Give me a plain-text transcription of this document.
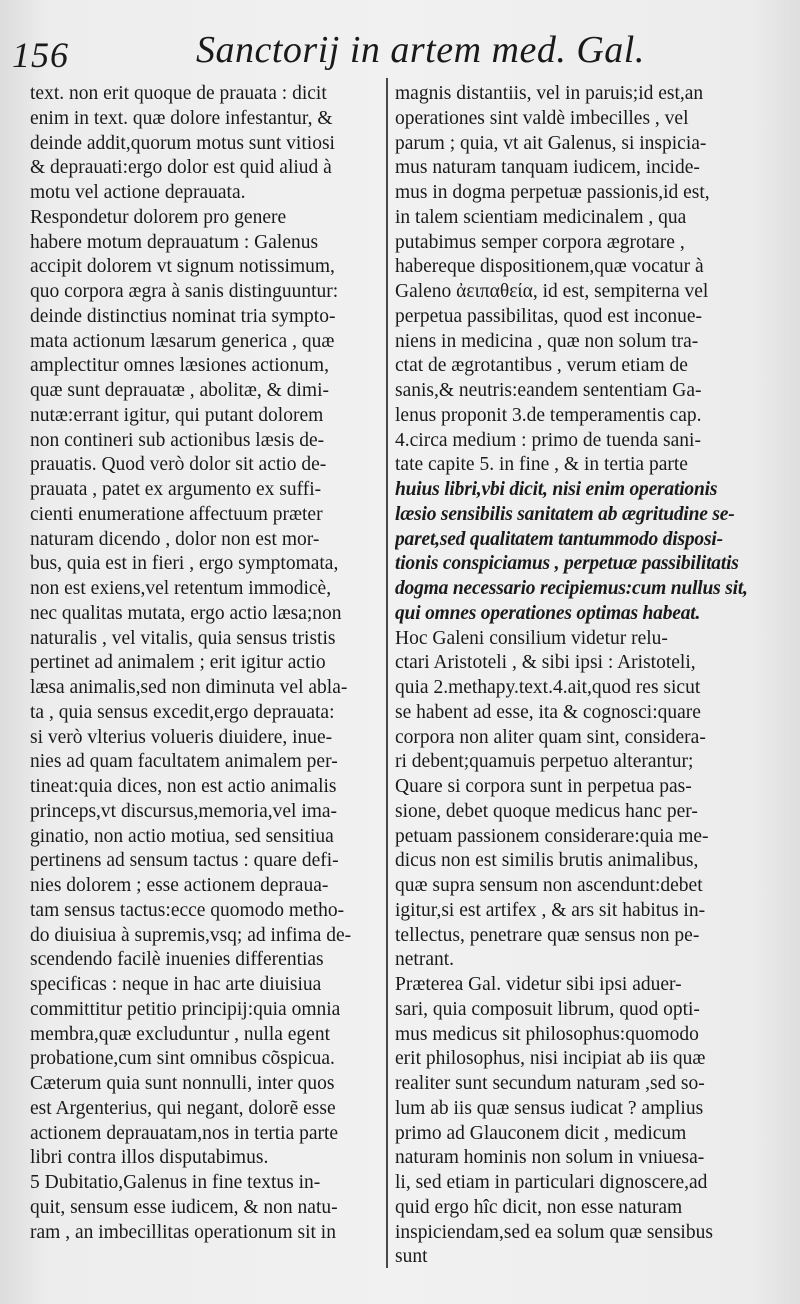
156	Sanctorij in artem med. Gal.
text. non erit quoque de prauata : dicit
enim in text. quæ dolore infestantur, &
deinde addit,quorum motus sunt vitiosi
& deprauati:ergo dolor est quid aliud à
motu vel actione deprauata.
Respondetur dolorem pro genere
habere motum deprauatum : Galenus
accipit dolorem vt signum notissimum,
quo corpora ægra à sanis distinguuntur:
deinde distinctius nominat tria sympto-
mata actionum læsarum generica , quæ
amplectitur omnes læsiones actionum,
quæ sunt deprauatæ , abolitæ, & dimi-
nutæ:errant igitur, qui putant dolorem
non contineri sub actionibus læsis de-
prauatis. Quod verò dolor sit actio de-
prauata , patet ex argumento ex suffi-
cienti enumeratione affectuum præter
naturam dicendo , dolor non est mor-
bus, quia est in fieri , ergo symptomata,
non est exiens,vel retentum immodicè,
nec qualitas mutata, ergo actio læsa;non
naturalis , vel vitalis, quia sensus tristis
pertinet ad animalem ; erit igitur actio
læsa animalis,sed non diminuta vel abla-
ta , quia sensus excedit,ergo deprauata:
si verò vlterius volueris diuidere, inue-
nies ad quam facultatem animalem per-
tineat:quia dices, non est actio animalis
princeps,vt discursus,memoria,vel ima-
ginatio, non actio motiua, sed sensitiua
pertinens ad sensum tactus : quare defi-
nies dolorem ; esse actionem deprauа-
tam sensus tactus:ecce quomodo metho-
do diuisiua à supremis,vsq; ad infima de-
scendendo facilè inuenies differentias
specificas : neque in hac arte diuisiua
committitur petitio principij:quia omnia
membra,quæ excluduntur , nulla egent
probatione,cum sint omnibus cõspicua.
Cæterum quia sunt nonnulli, inter quos
est Argenterius, qui negant, dolorẽ esse
actionem deprauatam,nos in tertia parte
libri contra illos disputabimus.
5 Dubitatio,Galenus in fine textus in-
quit, sensum esse iudicem, & non natu-
ram , an imbecillitas operationum sit in
magnis distantiis, vel in paruis;id est,an
operationes sint valdè imbecilles , vel
parum ; quia, vt ait Galenus, si inspicia-
mus naturam tanquam iudicem, incide-
mus in dogma perpetuæ passionis,id est,
in talem scientiam medicinalem , qua
putabimus semper corpora ægrotare ,
habereque dispositionem,quæ vocatur à
Galeno ἀειπαθεία, id est, sempiterna vel
perpetua passibilitas, quod est inconue-
niens in medicina , quæ non solum tra-
ctat de ægrotantibus , verum etiam de
sanis,& neutris:eandem sententiam Ga-
lenus proponit 3.de temperamentis cap.
4.circa medium : primo de tuenda sani-
tate capite 5. in fine , & in tertia parte
huius libri,vbi dicit, nisi enim operationis
læsio sensibilis sanitatem ab ægritudine se-
paret,sed qualitatem tantummodo disposi-
tionis conspiciamus , perpetuæ passibilitatis
dogma necessario recipiemus:cum nullus sit,
qui omnes operationes optimas habeat.
Hoc Galeni consilium videtur relu-
ctari Aristoteli , & sibi ipsi : Aristoteli,
quia 2.methapy.text.4.ait,quod res sicut
se habent ad esse, ita & cognosci:quare
corpora non aliter quam sint, considera-
ri debent;quamuis perpetuo alterantur;
Quare si corpora sunt in perpetua pas-
sione, debet quoque medicus hanc per-
petuam passionem considerare:quia me-
dicus non est similis brutis animalibus,
quæ supra sensum non ascendunt:debet
igitur,si est artifex , & ars sit habitus in-
tellectus, penetrare quæ sensus non pe-
netrant.
Præterea Gal. videtur sibi ipsi aduer-
sari, quia composuit librum, quod opti-
mus medicus sit philosophus:quomodo
erit philosophus, nisi incipiat ab iis quæ
realiter sunt secundum naturam ,sed so-
lum ab iis quæ sensus iudicat ? amplius
primo ad Glauconem dicit , medicum
naturam hominis non solum in vniuesa-
li, sed etiam in particulari dignoscere,ad
quid ergo hîc dicit, non esse naturam
inspiciendam,sed ea solum quæ sensibus
sunt
